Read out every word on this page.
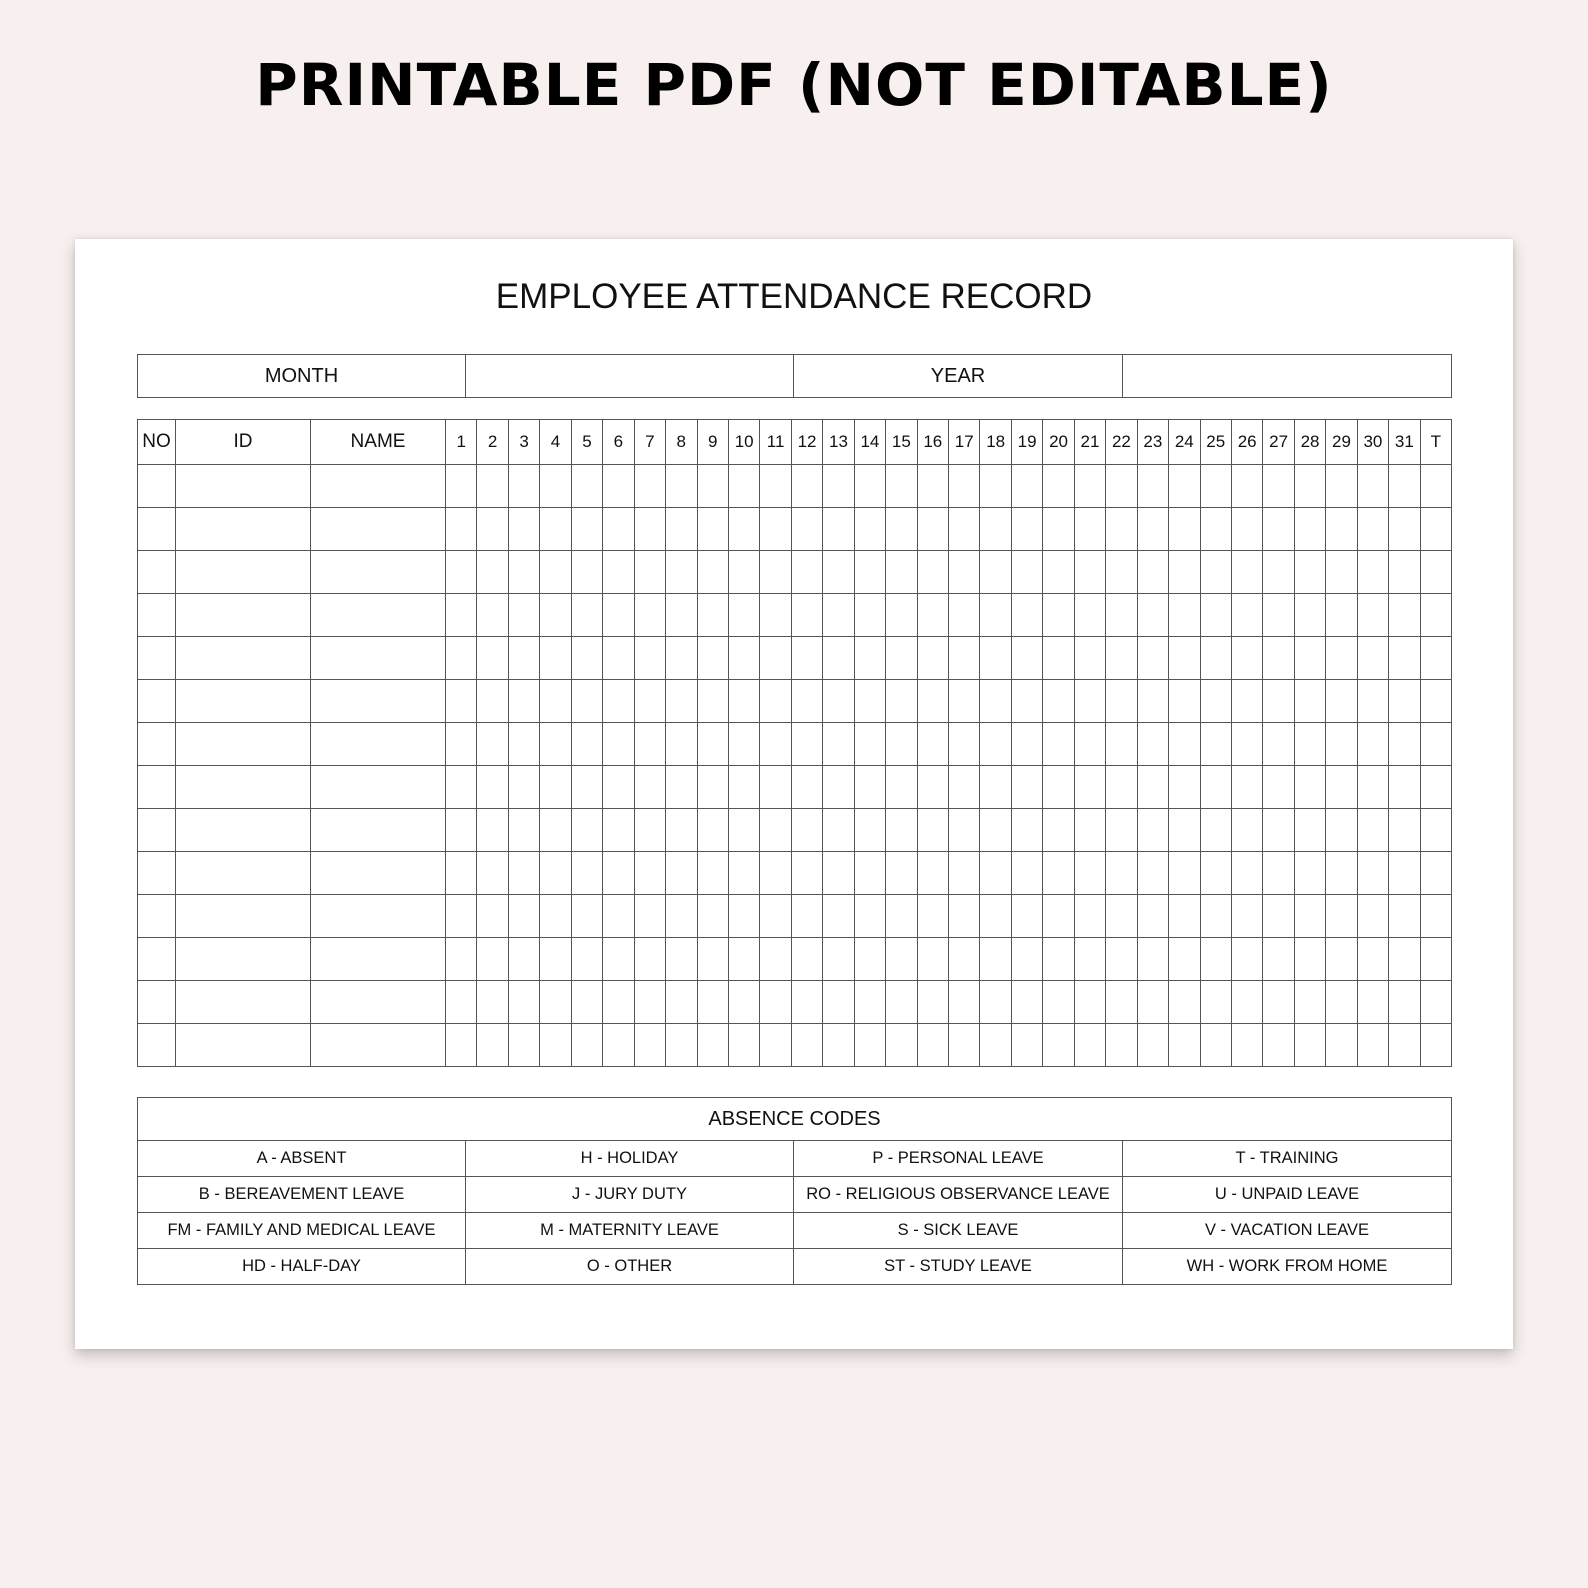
PRINTABLE PDF (NOT EDITABLE)
EMPLOYEE ATTENDANCE RECORD
MONTH		YEAR	
NO	ID	NAME	1	2	3	4	5	6	7	8	9	10	11	12	13	14	15	16	17	18	19	20	21	22	23	24	25	26	27	28	29	30	31	T

ABSENCE CODES			
A - ABSENT	H - HOLIDAY	P - PERSONAL LEAVE	T - TRAINING
B - BEREAVEMENT LEAVE	J - JURY DUTY	RO - RELIGIOUS OBSERVANCE LEAVE	U - UNPAID LEAVE
FM - FAMILY AND MEDICAL LEAVE	M - MATERNITY LEAVE	S - SICK LEAVE	V - VACATION LEAVE
HD - HALF-DAY	O - OTHER	ST - STUDY LEAVE	WH - WORK FROM HOME
